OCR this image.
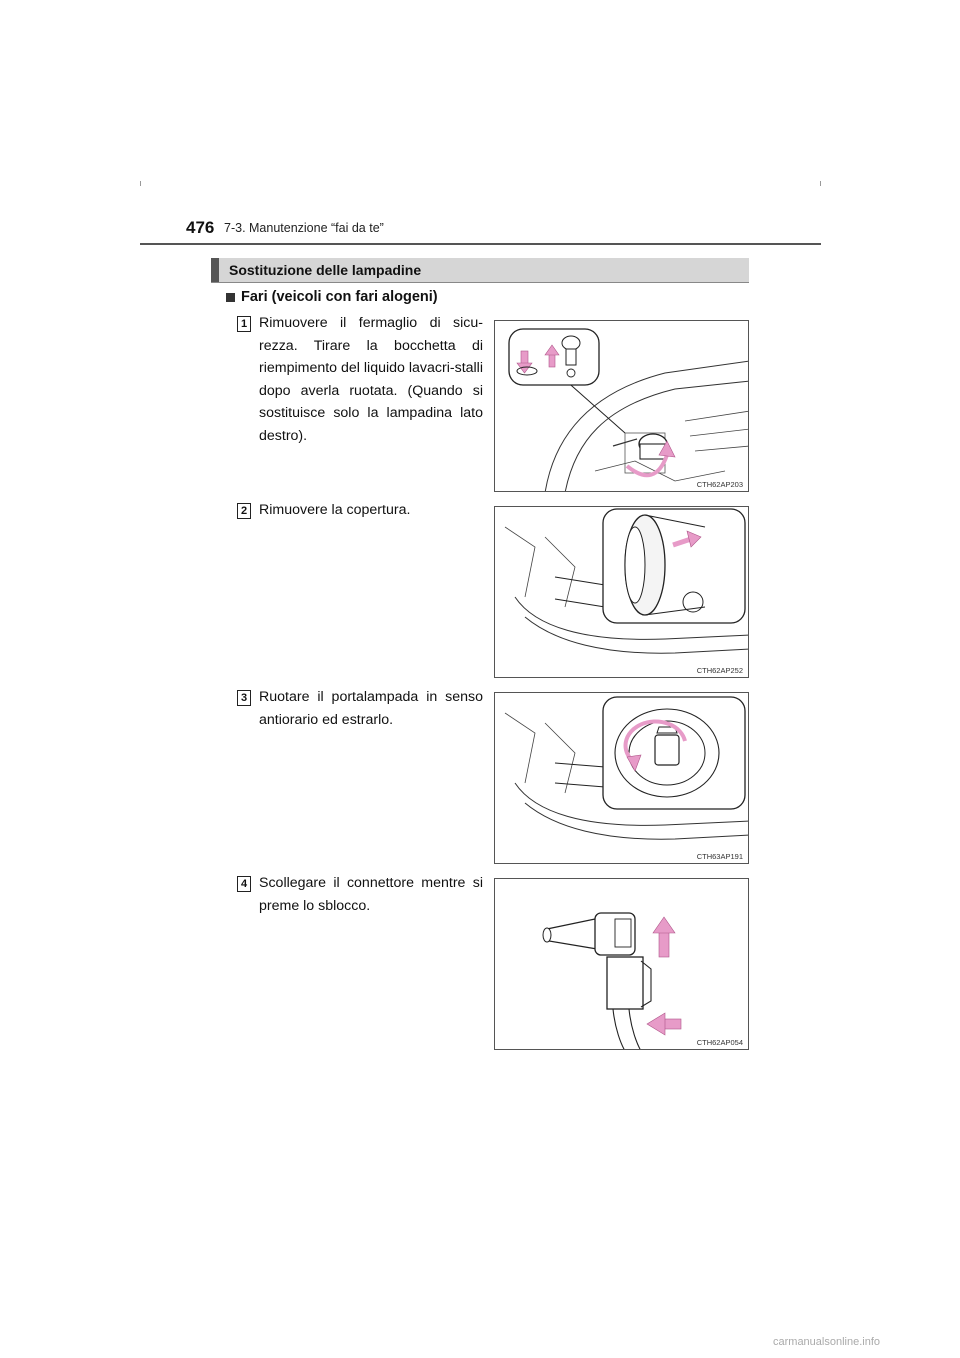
476 7-3. Manutenzione “fai da te”
Sostituzione delle lampadine
Fari (veicoli con fari alogeni)
1 Rimuovere il fermaglio di sicu-rezza. Tirare la bocchetta di riempimento del liquido lavacri-stalli dopo averla ruotata. (Quando si sostituisce solo la lampadina lato destro).
CTH62AP203
2 Rimuovere la copertura.
CTH62AP252
3 Ruotare il portalampada in senso antiorario ed estrarlo.
CTH63AP191
4 Scollegare il connettore mentre si preme lo sblocco.
CTH62AP054
carmanualsonline.info
